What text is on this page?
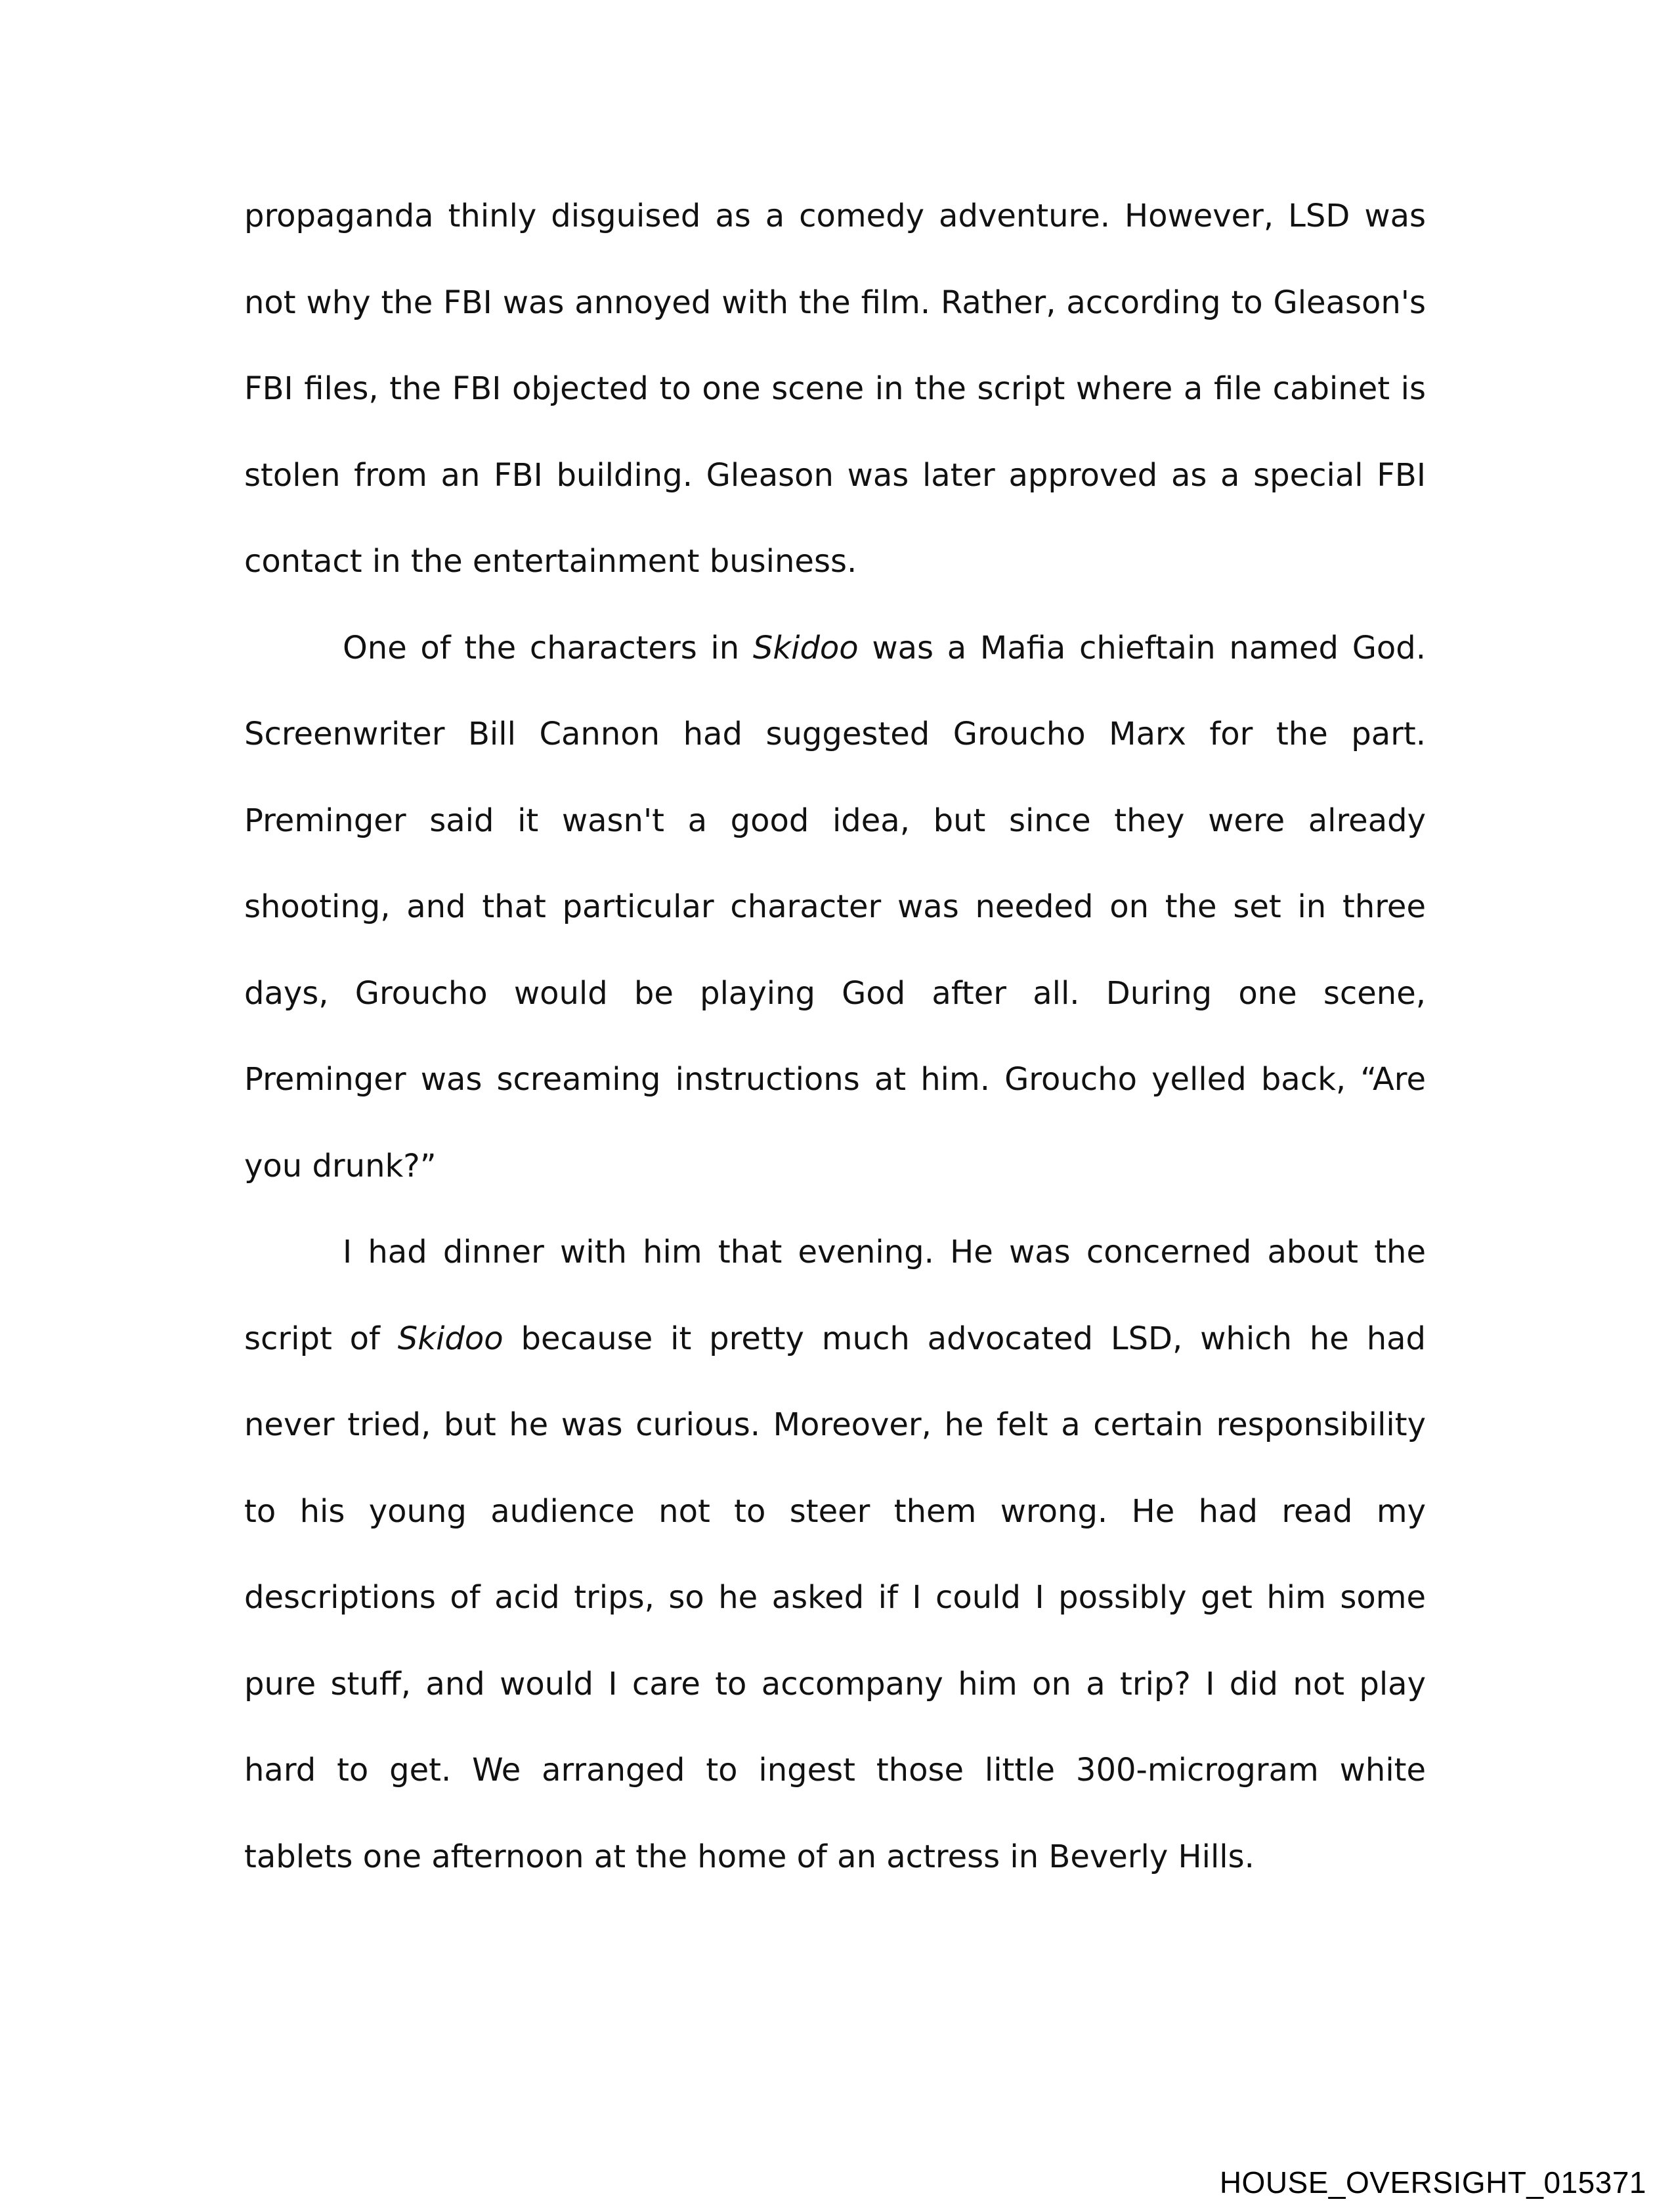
propaganda thinly disguised as a comedy adventure. However, LSD was not why the FBI was annoyed with the film. Rather, according to Gleason's FBI files, the FBI objected to one scene in the script where a file cabinet is stolen from an FBI building. Gleason was later approved as a special FBI contact in the entertainment business.

One of the characters in Skidoo was a Mafia chieftain named God. Screenwriter Bill Cannon had suggested Groucho Marx for the part. Preminger said it wasn't a good idea, but since they were already shooting, and that particular character was needed on the set in three days, Groucho would be playing God after all. During one scene, Preminger was screaming instructions at him. Groucho yelled back, “Are you drunk?”

I had dinner with him that evening. He was concerned about the script of Skidoo because it pretty much advocated LSD, which he had never tried, but he was curious. Moreover, he felt a certain responsibility to his young audience not to steer them wrong. He had read my descriptions of acid trips, so he asked if I could I possibly get him some pure stuff, and would I care to accompany him on a trip? I did not play hard to get. We arranged to ingest those little 300-microgram white tablets one afternoon at the home of an actress in Beverly Hills.

HOUSE_OVERSIGHT_015371
